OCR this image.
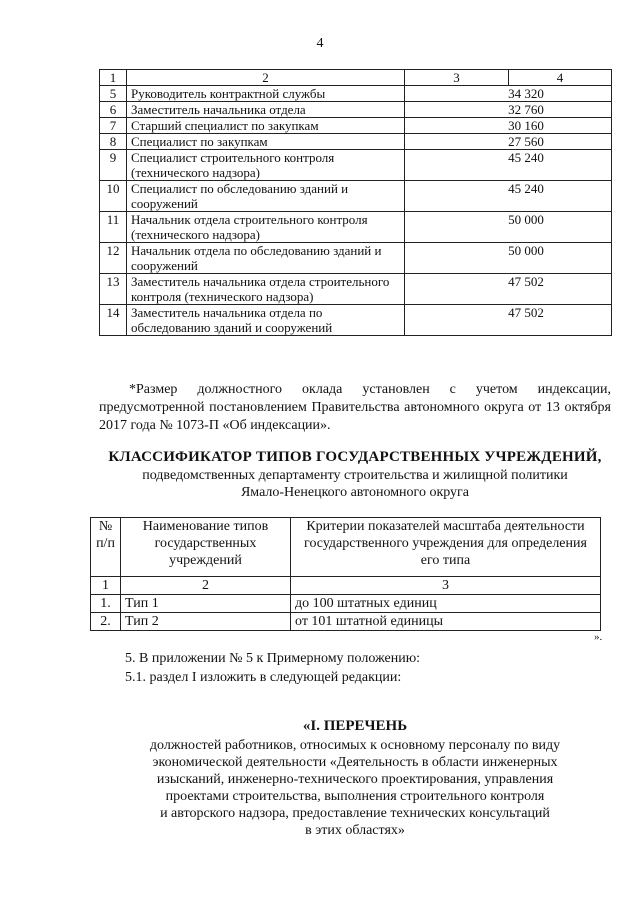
4
1	2	3	4
5	Руководитель контрактной службы	34 320	
6	Заместитель начальника отдела	32 760	
7	Старший специалист по закупкам	30 160	
8	Специалист по закупкам	27 560	
9	Специалист строительного контроля (технического надзора)	45 240	
10	Специалист по обследованию зданий и сооружений	45 240	
11	Начальник отдела строительного контроля (технического надзора)	50 000	
12	Начальник отдела по обследованию зданий и сооружений	50 000	
13	Заместитель начальника отдела строительного контроля (технического надзора)	47 502	
14	Заместитель начальника отдела по обследованию зданий и сооружений	47 502	
*Размер должностного оклада установлен с учетом индексации, предусмотренной постановлением Правительства автономного округа от 13 октября 2017 года № 1073-П «Об индексации».
КЛАССИФИКАТОР ТИПОВ ГОСУДАРСТВЕННЫХ УЧРЕЖДЕНИЙ,
подведомственных департаменту строительства и жилищной политики
Ямало-Ненецкого автономного округа
№ п/п	Наименование типов государственных учреждений	Критерии показателей масштаба деятельности государственного учреждения для определения его типа
1	2	3
1.	Тип 1	до 100 штатных единиц
2.	Тип 2	от 101 штатной единицы
».
5. В приложении № 5 к Примерному положению:
5.1. раздел I изложить в следующей редакции:
«I. ПЕРЕЧЕНЬ
должностей работников, относимых к основному персоналу по виду
экономической деятельности «Деятельность в области инженерных
изысканий, инженерно-технического проектирования, управления
проектами строительства, выполнения строительного контроля
и авторского надзора, предоставление технических консультаций
в этих областях»
